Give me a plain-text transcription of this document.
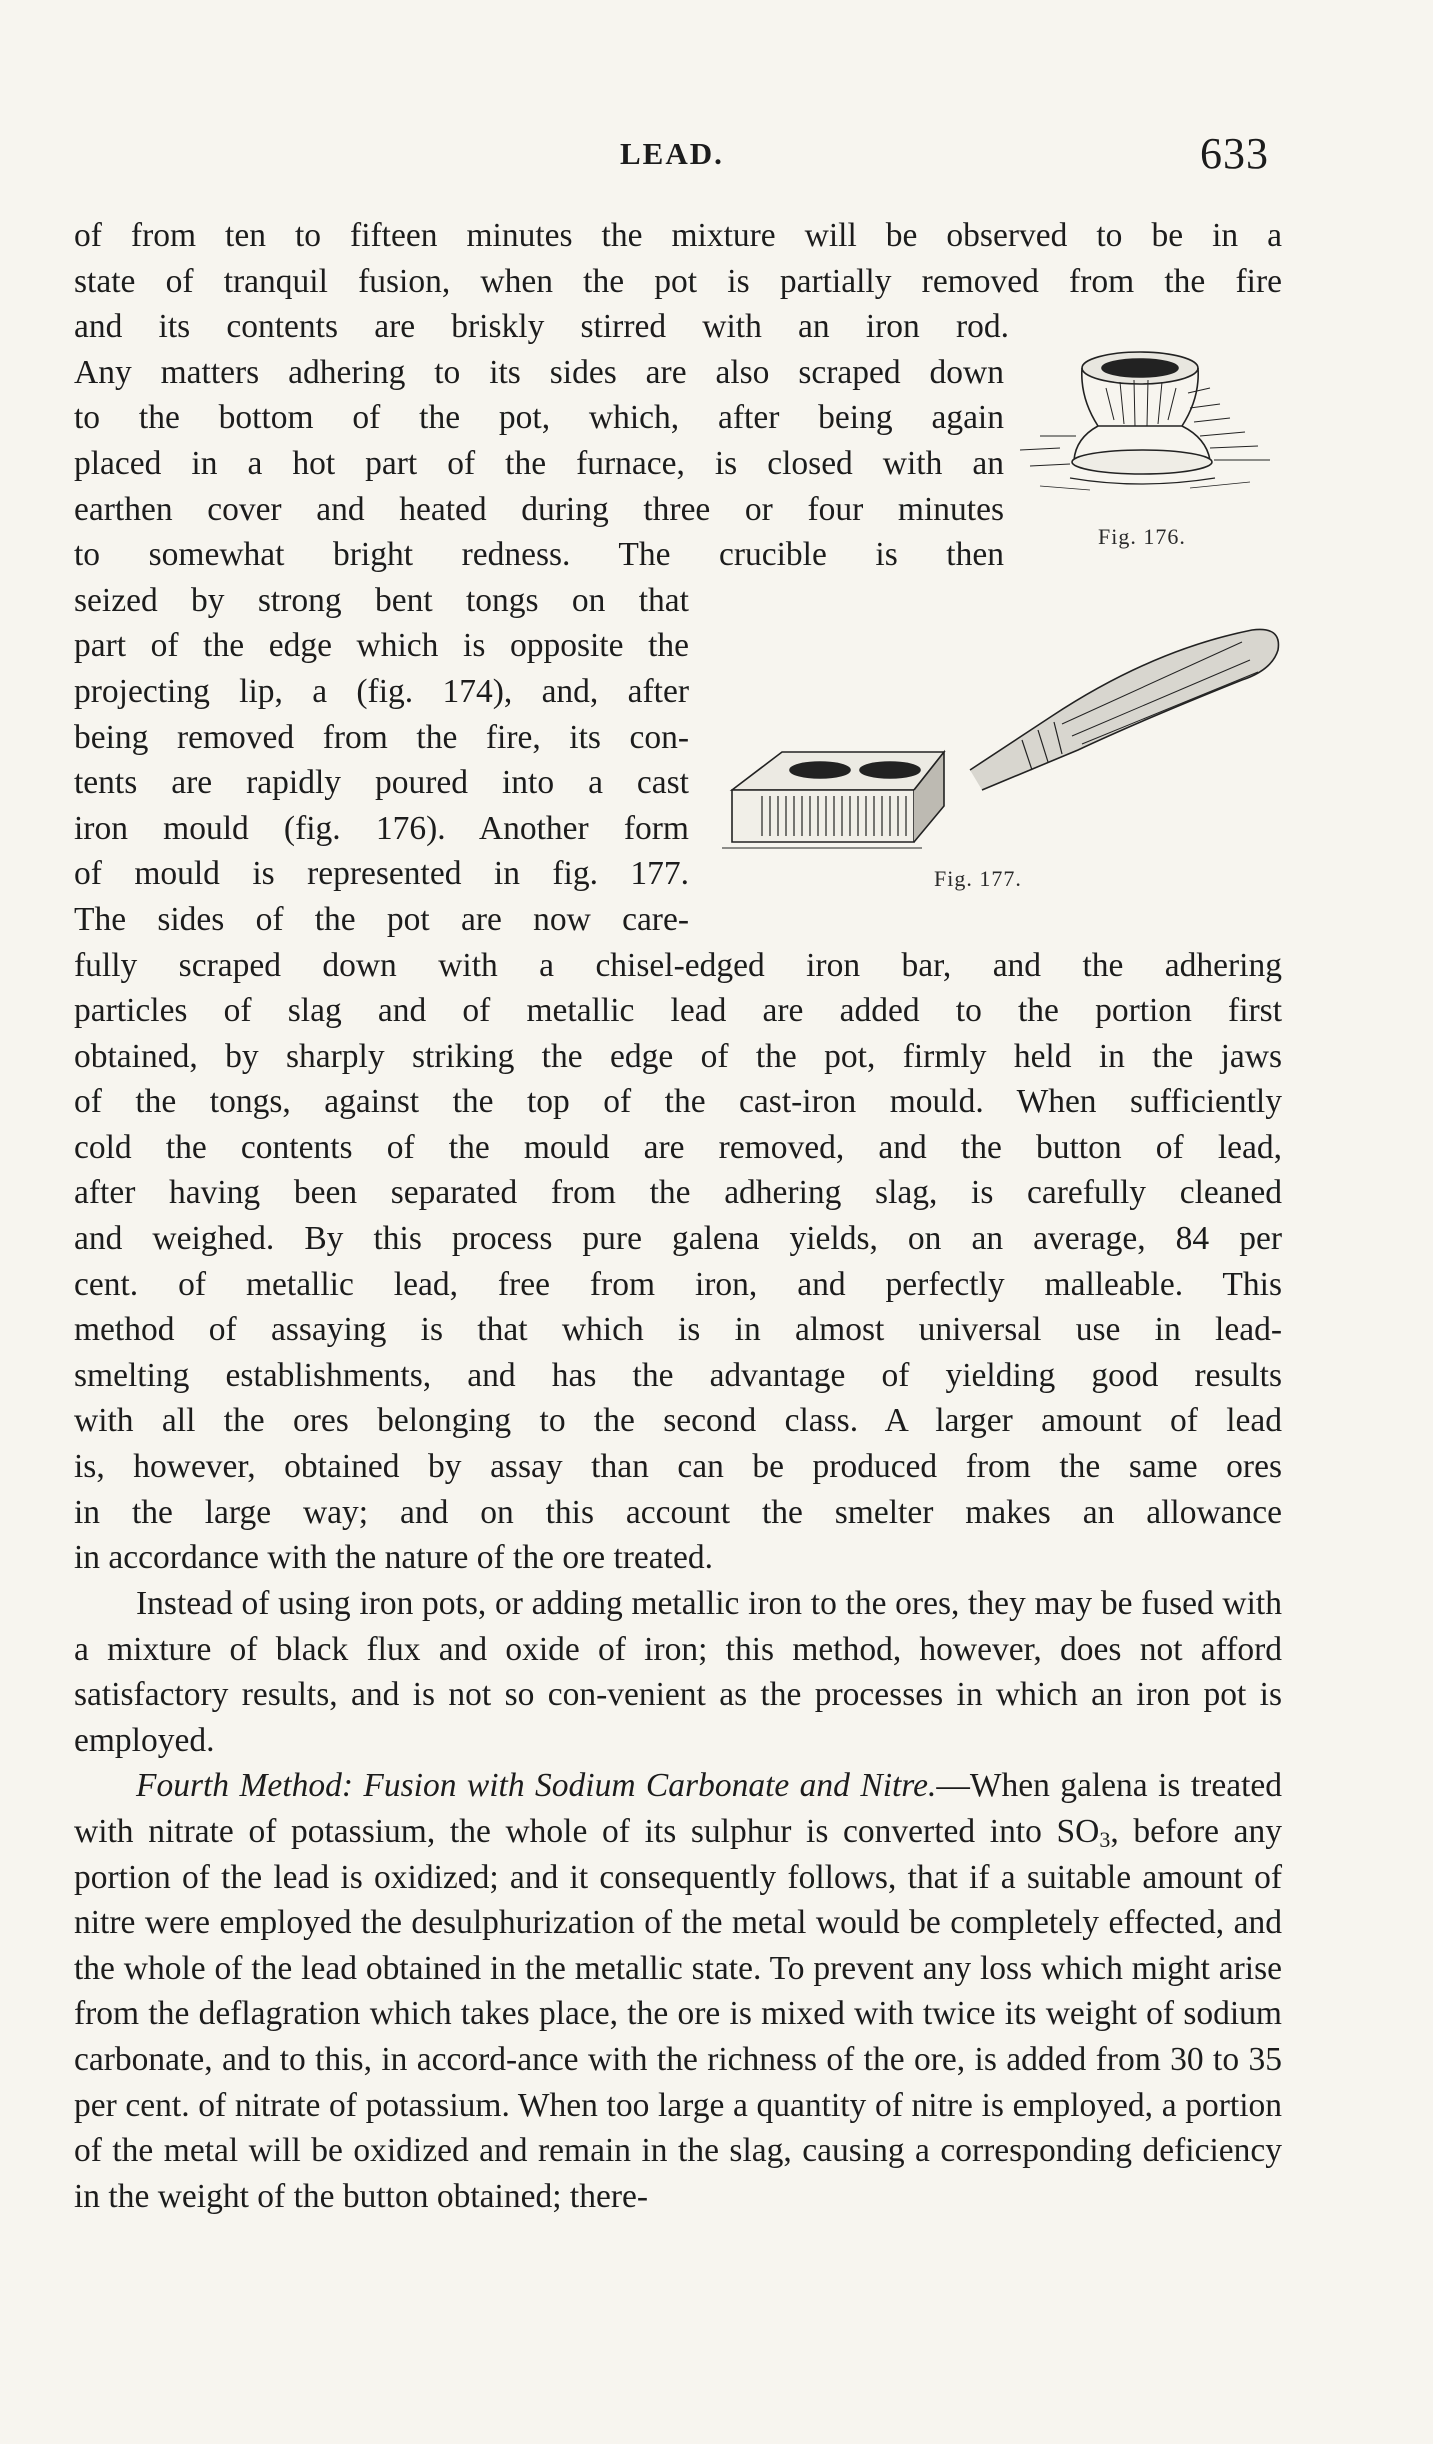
LEAD.	633
of from ten to fifteen minutes the mixture will be observed to be in a
state of tranquil fusion, when the pot is partially removed from the fire
and its contents are briskly stirred with an iron rod.
Any matters adhering to its sides are also scraped down
to the bottom of the pot, which, after being again
placed in a hot part of the furnace, is closed with an
earthen cover and heated during three or four minutes
to somewhat bright redness. The crucible is then
seized by strong bent tongs on that
part of the edge which is opposite the
projecting lip, a (fig. 174), and, after
being removed from the fire, its con-
tents are rapidly poured into a cast
iron mould (fig. 176). Another form
of mould is represented in fig. 177.
The sides of the pot are now care-
fully scraped down with a chisel-edged iron bar, and the adhering
particles of slag and of metallic lead are added to the portion first
obtained, by sharply striking the edge of the pot, firmly held in the jaws
of the tongs, against the top of the cast-iron mould. When sufficiently
cold the contents of the mould are removed, and the button of lead,
after having been separated from the adhering slag, is carefully cleaned
and weighed. By this process pure galena yields, on an average, 84 per
cent. of metallic lead, free from iron, and perfectly malleable. This
method of assaying is that which is in almost universal use in lead-
smelting establishments, and has the advantage of yielding good results
with all the ores belonging to the second class. A larger amount of lead
is, however, obtained by assay than can be produced from the same ores
in the large way; and on this account the smelter makes an allowance
in accordance with the nature of the ore treated.

Instead of using iron pots, or adding metallic iron to the ores, they may be fused with a mixture of black flux and oxide of iron; this method, however, does not afford satisfactory results, and is not so con-venient as the processes in which an iron pot is employed.

Fourth Method: Fusion with Sodium Carbonate and Nitre.—When galena is treated with nitrate of potassium, the whole of its sulphur is converted into $SO_3$, before any portion of the lead is oxidized; and it consequently follows, that if a suitable amount of nitre were employed the desulphurization of the metal would be completely effected, and the whole of the lead obtained in the metallic state. To prevent any loss which might arise from the deflagration which takes place, the ore is mixed with twice its weight of sodium carbonate, and to this, in accord-ance with the richness of the ore, is added from 30 to 35 per cent. of nitrate of potassium. When too large a quantity of nitre is employed, a portion of the metal will be oxidized and remain in the slag, causing a corresponding deficiency in the weight of the button obtained; there-

Fig. 176.
Fig. 177.
